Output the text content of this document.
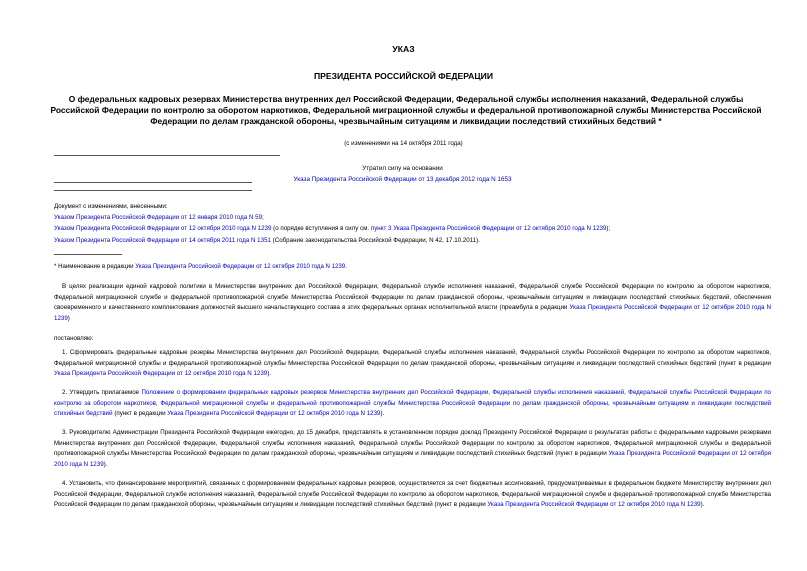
УКАЗ
ПРЕЗИДЕНТА РОССИЙСКОЙ ФЕДЕРАЦИИ
О федеральных кадровых резервах Министерства внутренних дел Российской Федерации, Федеральной службы исполнения наказаний, Федеральной службы Российской Федерации по контролю за оборотом наркотиков, Федеральной миграционной службы и федеральной противопожарной службы Министерства Российской Федерации по делам гражданской обороны, чрезвычайным ситуациям и ликвидации последствий стихийных бедствий *
(с изменениями на 14 октября 2011 года)
Утратил силу на основании
Указа Президента Российской Федерации от 13 декабря 2012 года N 1653
Документ с изменениями, внесенными:
Указом Президента Российской Федерации от 12 января 2010 года N 59;
Указом Президента Российской Федерации от 12 октября 2010 года N 1239 (о порядке вступления в силу см. пункт 3 Указа Президента Российской Федерации от 12 октября 2010 года N 1239);
Указом Президента Российской Федерации от 14 октября 2011 года N 1351 (Собрание законодательства Российской Федерации, N 42, 17.10.2011).
* Наименование в редакции Указа Президента Российской Федерации от 12 октября 2010 года N 1239.

В целях реализации единой кадровой политики в Министерстве внутренних дел Российской Федерации, Федеральной службе исполнения наказаний, Федеральной службе Российской Федерации по контролю за оборотом наркотиков, Федеральной миграционной службе и федеральной противопожарной службе Министерства Российской Федерации по делам гражданской обороны, чрезвычайным ситуациям и ликвидации последствий стихийных бедствий, обеспечения своевременного и качественного комплектования должностей высшего начальствующего состава в этих федеральных органах исполнительной власти (преамбула в редакции Указа Президента Российской Федерации от 12 октября 2010 года N 1239)

постановляю:

1. Сформировать федеральные кадровые резервы Министерства внутренних дел Российской Федерации, Федеральной службы исполнения наказаний, Федеральной службы Российской Федерации по контролю за оборотом наркотиков, Федеральной миграционной службы и федеральной противопожарной службы Министерства Российской Федерации по делам гражданской обороны, чрезвычайным ситуациям и ликвидации последствий стихийных бедствий (пункт в редакции Указа Президента Российской Федерации от 12 октября 2010 года N 1239).

2. Утвердить прилагаемое Положение о формировании федеральных кадровых резервов Министерства внутренних дел Российской Федерации, Федеральной службы исполнения наказаний, Федеральной службы Российской Федерации по контролю за оборотом наркотиков, Федеральной миграционной службы и федеральной противопожарной службы Министерства Российской Федерации по делам гражданской обороны, чрезвычайным ситуациям и ликвидации последствий стихийных бедствий (пункт в редакции Указа Президента Российской Федерации от 12 октября 2010 года N 1239).

3. Руководителю Администрации Президента Российской Федерации ежегодно, до 15 декабря, представлять в установленном порядке доклад Президенту Российской Федерации о результатах работы с федеральными кадровыми резервами Министерства внутренних дел Российской Федерации, Федеральной службы исполнения наказаний, Федеральной службы Российской Федерации по контролю за оборотом наркотиков, Федеральной миграционной службы и федеральной противопожарной службы Министерства Российской Федерации по делам гражданской обороны, чрезвычайным ситуациям и ликвидации последствий стихийных бедствий (пункт в редакции Указа Президента Российской Федерации от 12 октября 2010 года N 1239).

4. Установить, что финансирование мероприятий, связанных с формированием федеральных кадровых резервов, осуществляется за счет бюджетных ассигнований, предусматриваемых в федеральном бюджете Министерству внутренних дел Российской Федерации, Федеральной службе исполнения наказаний, Федеральной службе Российской Федерации по контролю за оборотом наркотиков, Федеральной миграционной службе и федеральной противопожарной службе Министерства Российской Федерации по делам гражданской обороны, чрезвычайным ситуациям и ликвидации последствий стихийных бедствий (пункт в редакции Указа Президента Российской Федерации от 12 октября 2010 года N 1239).
